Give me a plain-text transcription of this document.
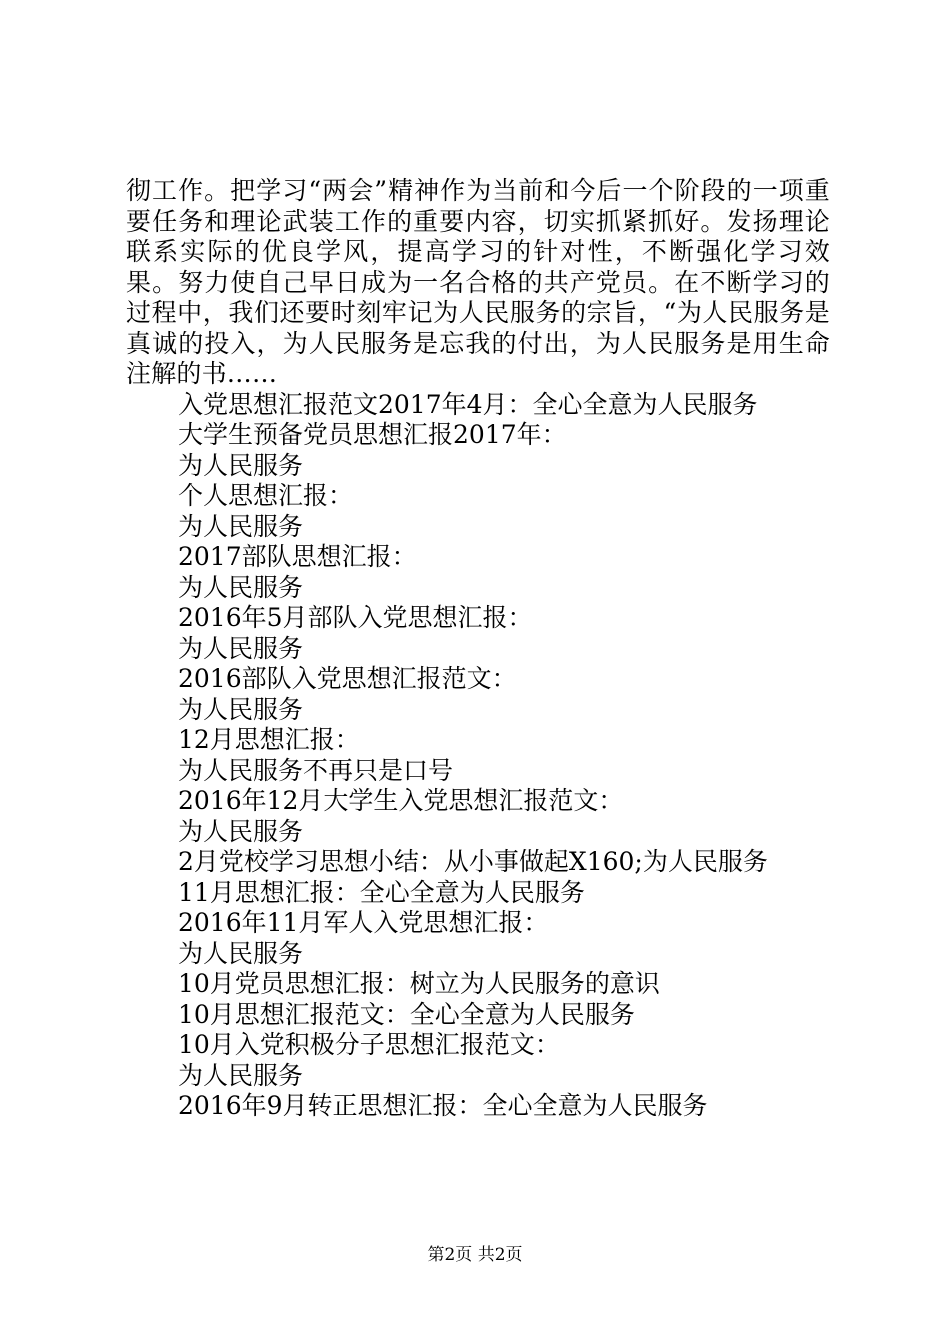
彻工作。把学习“两会”精神作为当前和今后一个阶段的一项重要任务和理论武装工作的重要内容，切实抓紧抓好。发扬理论联系实际的优良学风，提高学习的针对性，不断强化学习效果。努力使自己早日成为一名合格的共产党员。在不断学习的过程中，我们还要时刻牢记为人民服务的宗旨，“为人民服务是真诚的投入，为人民服务是忘我的付出，为人民服务是用生命注解的书……

入党思想汇报范文2017年4月：全心全意为人民服务
大学生预备党员思想汇报2017年：
为人民服务
个人思想汇报：
为人民服务
2017部队思想汇报：
为人民服务
2016年5月部队入党思想汇报：
为人民服务
2016部队入党思想汇报范文：
为人民服务
12月思想汇报：
为人民服务不再只是口号
2016年12月大学生入党思想汇报范文：
为人民服务
2月党校学习思想小结：从小事做起X160;为人民服务
11月思想汇报：全心全意为人民服务
2016年11月军人入党思想汇报：
为人民服务
10月党员思想汇报：树立为人民服务的意识
10月思想汇报范文：全心全意为人民服务
10月入党积极分子思想汇报范文：
为人民服务
2016年9月转正思想汇报：全心全意为人民服务
第2页 共2页
